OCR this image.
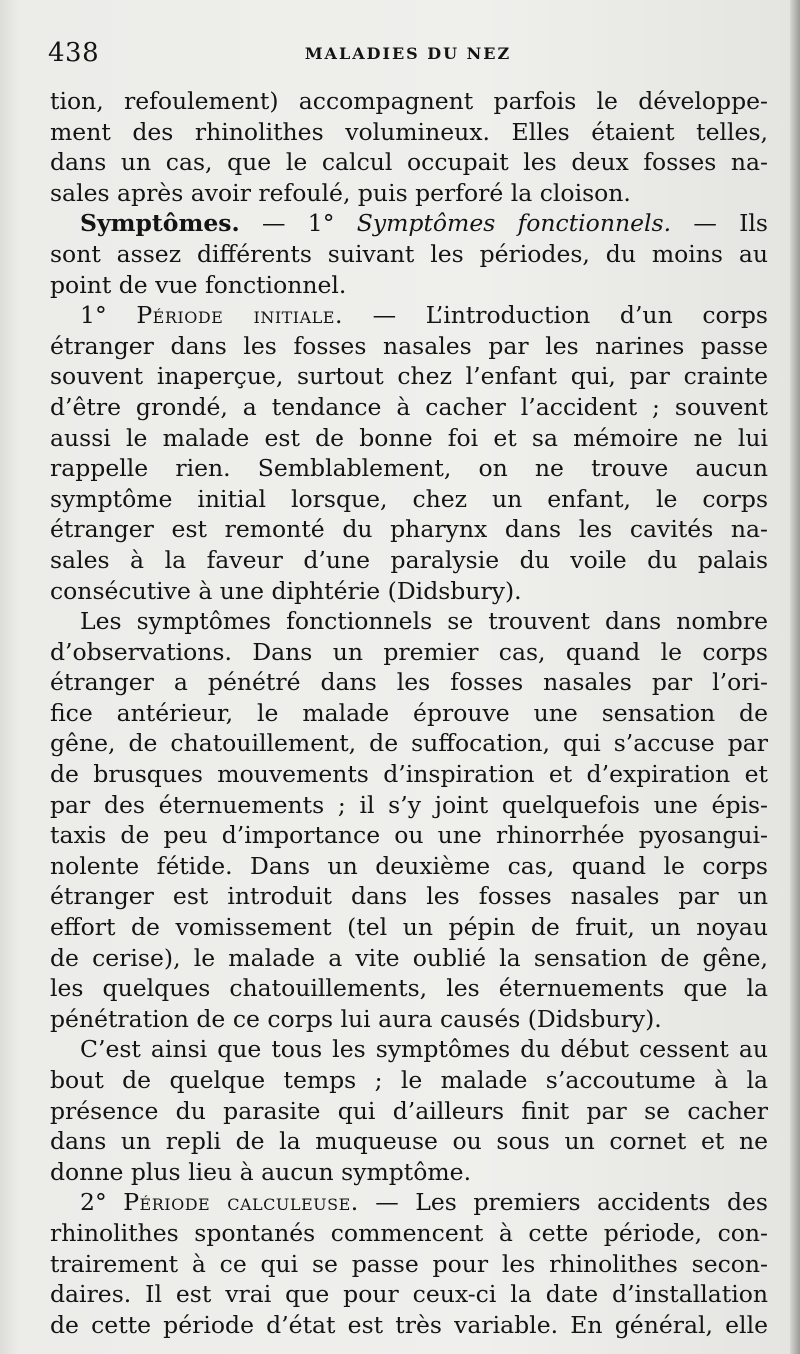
438	MALADIES DU NEZ
tion, refoulement) accompagnent parfois le développe-
ment des rhinolithes volumineux. Elles étaient telles,
dans un cas, que le calcul occupait les deux fosses na-
sales après avoir refoulé, puis perforé la cloison.
Symptômes. — 1° Symptômes fonctionnels. — Ils
sont assez différents suivant les périodes, du moins au
point de vue fonctionnel.
1° Période initiale. — L’introduction d’un corps
étranger dans les fosses nasales par les narines passe
souvent inaperçue, surtout chez l’enfant qui, par crainte
d’être grondé, a tendance à cacher l’accident ; souvent
aussi le malade est de bonne foi et sa mémoire ne lui
rappelle rien. Semblablement, on ne trouve aucun
symptôme initial lorsque, chez un enfant, le corps
étranger est remonté du pharynx dans les cavités na-
sales à la faveur d’une paralysie du voile du palais
consécutive à une diphtérie (Didsbury).
Les symptômes fonctionnels se trouvent dans nombre
d’observations. Dans un premier cas, quand le corps
étranger a pénétré dans les fosses nasales par l’ori-
fice antérieur, le malade éprouve une sensation de
gêne, de chatouillement, de suffocation, qui s’accuse par
de brusques mouvements d’inspiration et d’expiration et
par des éternuements ; il s’y joint quelquefois une épis-
taxis de peu d’importance ou une rhinorrhée pyosangui-
nolente fétide. Dans un deuxième cas, quand le corps
étranger est introduit dans les fosses nasales par un
effort de vomissement (tel un pépin de fruit, un noyau
de cerise), le malade a vite oublié la sensation de gêne,
les quelques chatouillements, les éternuements que la
pénétration de ce corps lui aura causés (Didsbury).
C’est ainsi que tous les symptômes du début cessent au
bout de quelque temps ; le malade s’accoutume à la
présence du parasite qui d’ailleurs finit par se cacher
dans un repli de la muqueuse ou sous un cornet et ne
donne plus lieu à aucun symptôme.
2° Période calculeuse. — Les premiers accidents des
rhinolithes spontanés commencent à cette période, con-
trairement à ce qui se passe pour les rhinolithes secon-
daires. Il est vrai que pour ceux-ci la date d’installation
de cette période d’état est très variable. En général, elle
